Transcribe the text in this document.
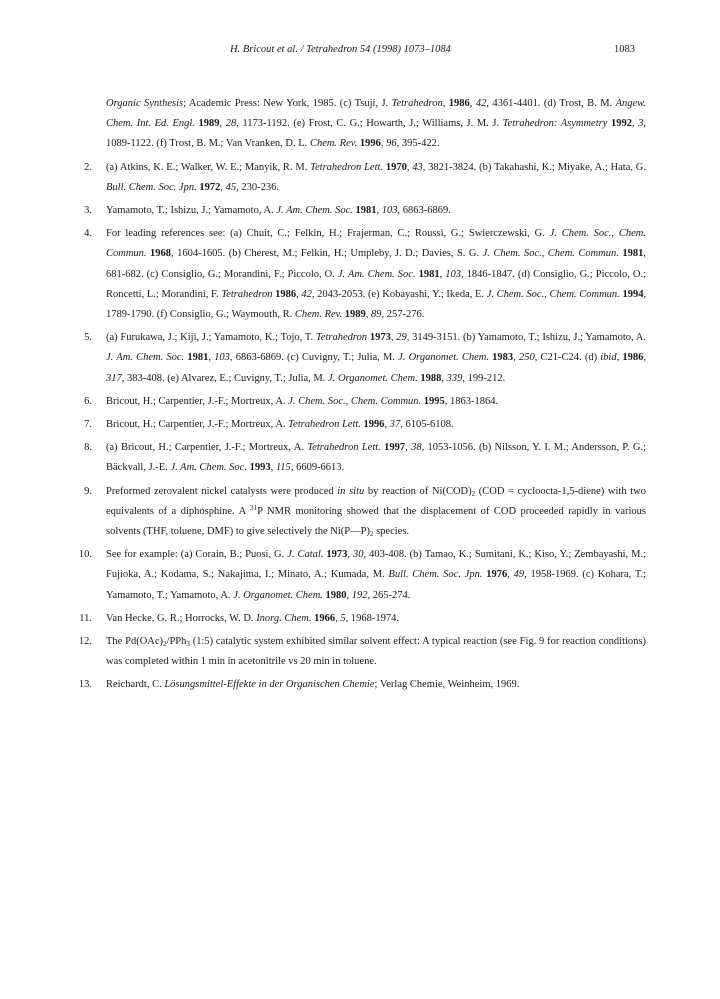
H. Bricout et al. / Tetrahedron 54 (1998) 1073–1084	1083
Organic Synthesis; Academic Press: New York, 1985. (c) Tsuji, J. Tetrahedron, 1986, 42, 4361-4401. (d) Trost, B. M. Angew. Chem. Int. Ed. Engl. 1989, 28, 1173-1192. (e) Frost, C. G.; Howarth, J.; Williams, J. M. J. Tetrahedron: Asymmetry 1992, 3, 1089-1122. (f) Trost, B. M.; Van Vranken, D. L. Chem. Rev. 1996, 96, 395-422.
2. (a) Atkins, K. E.; Walker, W. E.; Manyik, R. M. Tetrahedron Lett. 1970, 43, 3821-3824. (b) Takahashi, K.; Miyake, A.; Hata, G. Bull. Chem. Soc. Jpn. 1972, 45, 230-236.
3. Yamamoto, T.; Ishizu, J.; Yamamoto, A. J. Am. Chem. Soc. 1981, 103, 6863-6869.
4. For leading references see: (a) Chuit, C.; Felkin, H.; Frajerman, C.; Roussi, G.; Swierczewski, G. J. Chem. Soc., Chem. Commun. 1968, 1604-1605. (b) Cherest, M.; Felkin, H.; Umpleby, J. D.; Davies, S. G. J. Chem. Soc., Chem. Commun. 1981, 681-682. (c) Consiglio, G.; Morandini, F.; Piccolo, O. J. Am. Chem. Soc. 1981, 103, 1846-1847. (d) Consiglio, G.; Piccolo, O.; Roncetti, L.; Morandini, F. Tetrahedron 1986, 42, 2043-2053. (e) Kobayashi, Y.; Ikeda, E. J. Chem. Soc., Chem. Commun. 1994, 1789-1790. (f) Consiglio, G.; Waymouth, R. Chem. Rev. 1989, 89, 257-276.
5. (a) Furukawa, J.; Kiji, J.; Yamamoto, K.; Tojo, T. Tetrahedron 1973, 29, 3149-3151. (b) Yamamoto, T.; Ishizu, J.; Yamamoto, A. J. Am. Chem. Soc. 1981, 103, 6863-6869. (c) Cuvigny, T.; Julia, M. J. Organomet. Chem. 1983, 250, C21-C24. (d) ibid, 1986, 317, 383-408. (e) Alvarez, E.; Cuvigny, T.; Julia, M. J. Organomet. Chem. 1988, 339, 199-212.
6. Bricout, H.; Carpentier, J.-F.; Mortreux, A. J. Chem. Soc., Chem. Commun. 1995, 1863-1864.
7. Bricout, H.; Carpentier, J.-F.; Mortreux, A. Tetrahedron Lett. 1996, 37, 6105-6108.
8. (a) Bricout, H.; Carpentier, J.-F.; Mortreux, A. Tetrahedron Lett. 1997, 38, 1053-1056. (b) Nilsson, Y. I. M.; Andersson, P. G.; Bäckvall, J.-E. J. Am. Chem. Soc. 1993, 115, 6609-6613.
9. Preformed zerovalent nickel catalysts were produced in situ by reaction of $Ni(COD)_2$ (COD = cycloocta-1,5-diene) with two equivalents of a diphosphine. A $^{31}$P NMR monitoring showed that the displacement of COD proceeded rapidly in various solvents (THF, toluene, DMF) to give selectively the $Ni(P—P)_2$ species.
10. See for example: (a) Corain, B.; Puosi, G. J. Catal. 1973, 30, 403-408. (b) Tamao, K.; Sumitani, K.; Kiso, Y.; Zembayashi, M.; Fujioka, A.; Kodama, S.; Nakajima, I.; Minato, A.; Kumada, M. Bull. Chem. Soc. Jpn. 1976, 49, 1958-1969. (c) Kohara, T.; Yamamoto, T.; Yamamoto, A. J. Organomet. Chem. 1980, 192, 265-274.
11. Van Hecke, G. R.; Horrocks, W. D. Inorg. Chem. 1966, 5, 1968-1974.
12. The $Pd(OAc)_2/PPh_3$ (1:5) catalytic system exhibited similar solvent effect: A typical reaction (see Fig. 9 for reaction conditions) was completed within 1 min in acetonitrile vs 20 min in toluene.
13. Reichardt, C. Lösungsmittel-Effekte in der Organischen Chemie; Verlag Chemie, Weinheim, 1969.
